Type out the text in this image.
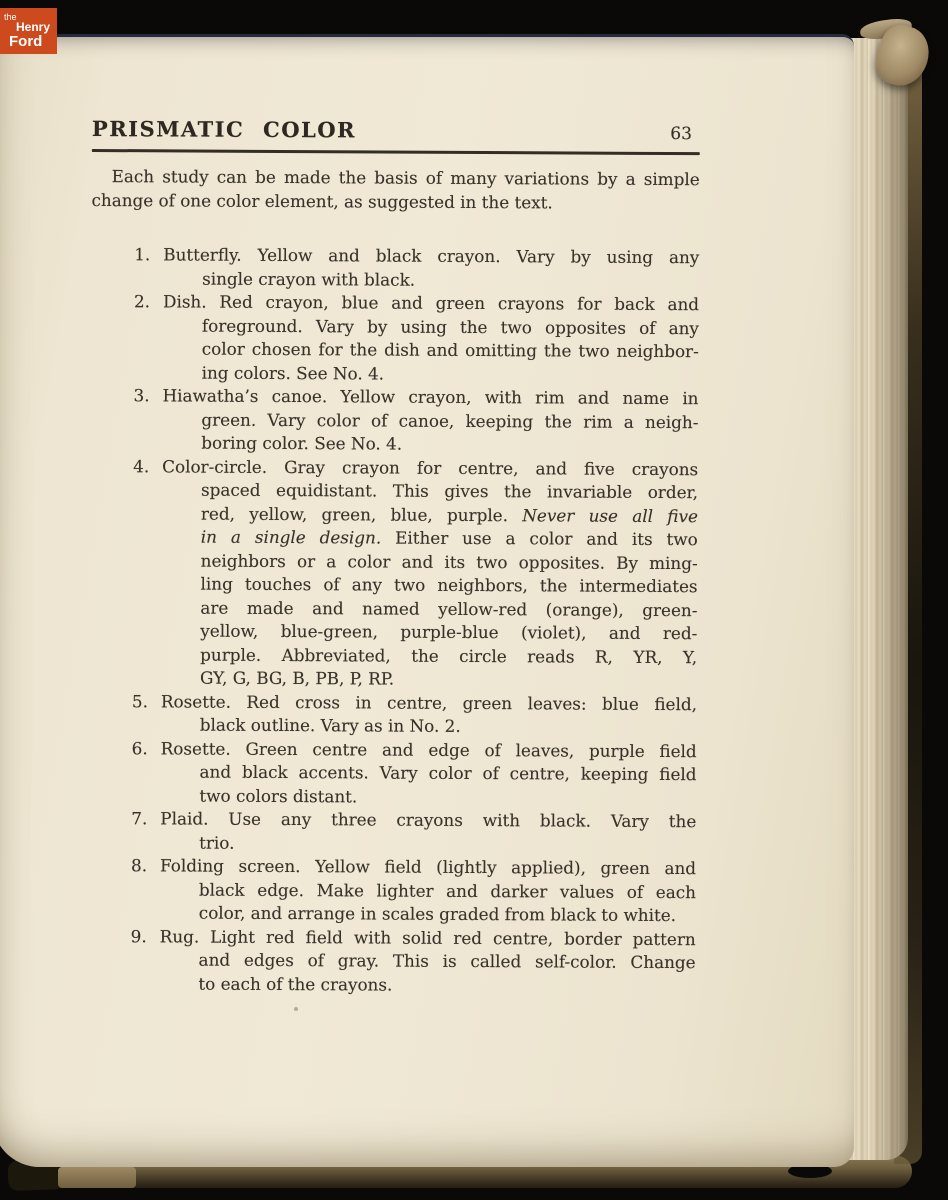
the
Henry
Ford
PRISMATIC COLOR	63
Each study can be made the basis of many variations by a simple
change of one color element, as suggested in the text.
1. Butterfly. Yellow and black crayon. Vary by using any
single crayon with black.
2. Dish. Red crayon, blue and green crayons for back and
foreground. Vary by using the two opposites of any
color chosen for the dish and omitting the two neighbor-
ing colors. See No. 4.
3. Hiawatha’s canoe. Yellow crayon, with rim and name in
green. Vary color of canoe, keeping the rim a neigh-
boring color. See No. 4.
4. Color-circle. Gray crayon for centre, and five crayons
spaced equidistant. This gives the invariable order,
red, yellow, green, blue, purple. Never use all five
in a single design. Either use a color and its two
neighbors or a color and its two opposites. By ming-
ling touches of any two neighbors, the intermediates
are made and named yellow-red (orange), green-
yellow, blue-green, purple-blue (violet), and red-
purple. Abbreviated, the circle reads R, YR, Y,
GY, G, BG, B, PB, P, RP.
5. Rosette. Red cross in centre, green leaves: blue field,
black outline. Vary as in No. 2.
6. Rosette. Green centre and edge of leaves, purple field
and black accents. Vary color of centre, keeping field
two colors distant.
7. Plaid. Use any three crayons with black. Vary the
trio.
8. Folding screen. Yellow field (lightly applied), green and
black edge. Make lighter and darker values of each
color, and arrange in scales graded from black to white.
9. Rug. Light red field with solid red centre, border pattern
and edges of gray. This is called self-color. Change
to each of the crayons.
